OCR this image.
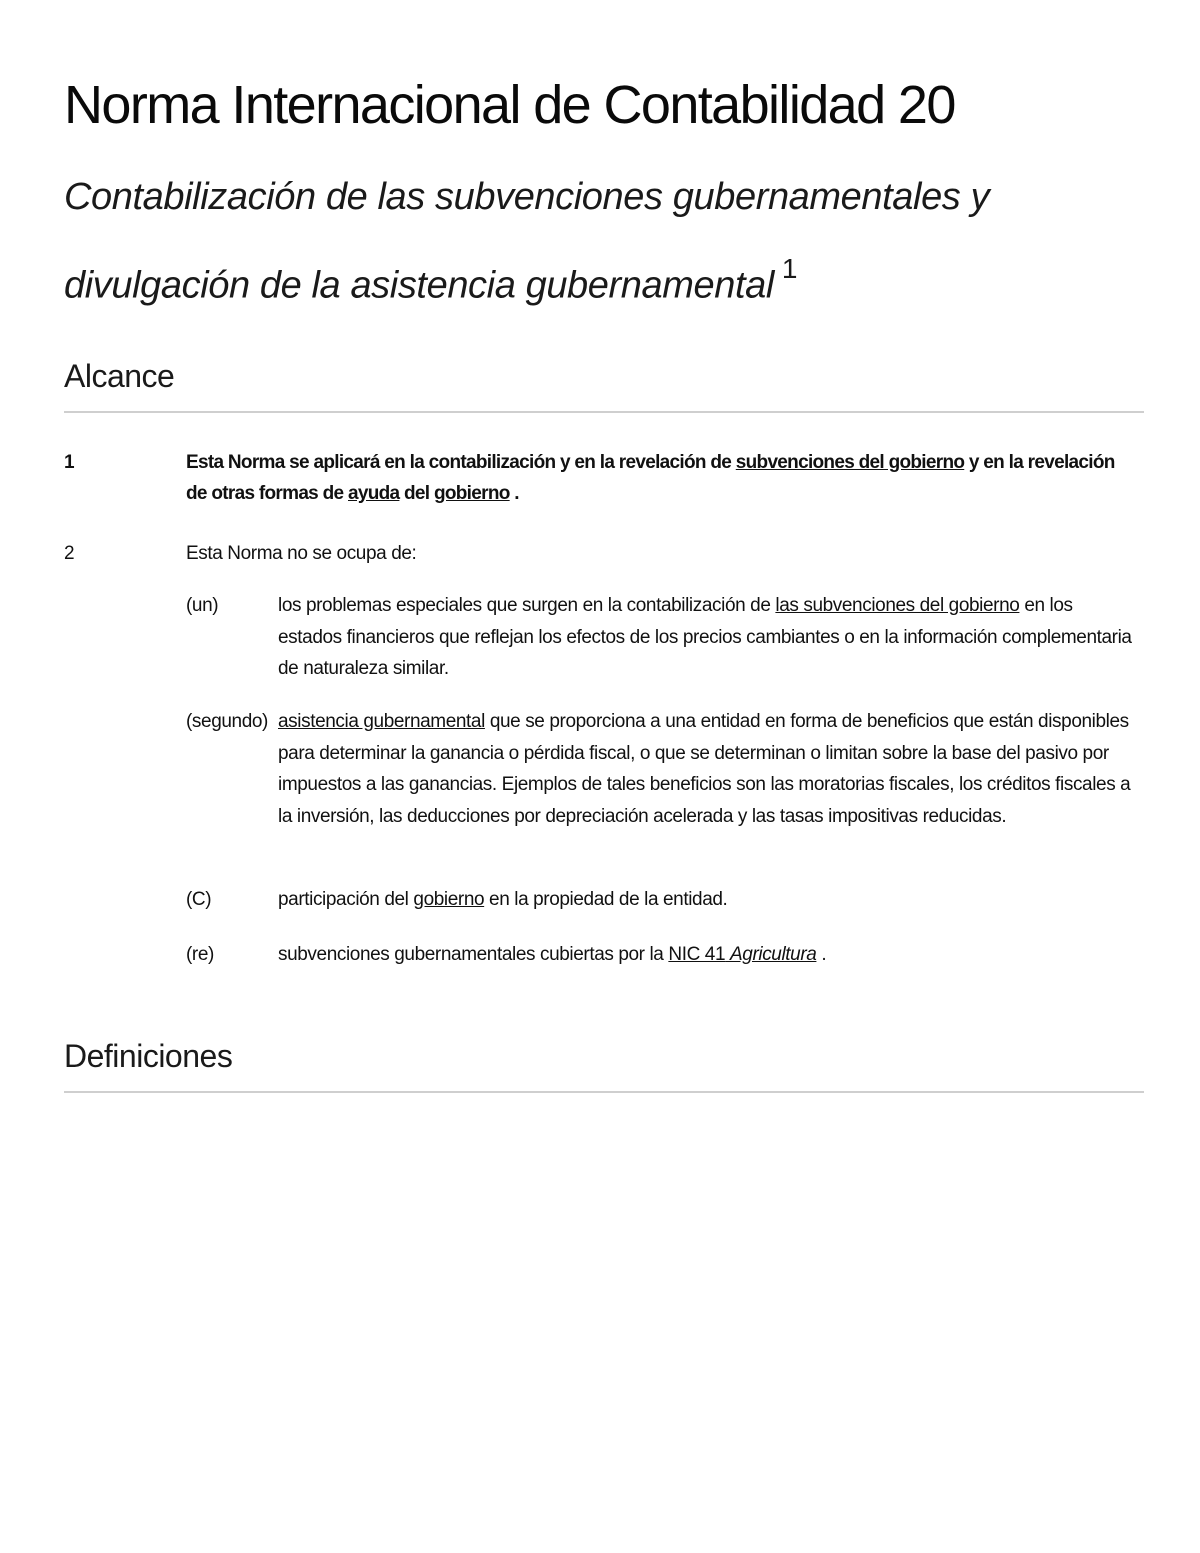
Norma Internacional de Contabilidad 20
Contabilización de las subvenciones gubernamentales y divulgación de la asistencia gubernamental $^1$
Alcance
1	Esta Norma se aplicará en la contabilización y en la revelación de subvenciones del gobierno y en la revelación de otras formas de ayuda del gobierno .
2	Esta Norma no se ocupa de:
(un)	los problemas especiales que surgen en la contabilización de las subvenciones del gobierno en los estados financieros que reflejan los efectos de los precios cambiantes o en la información complementaria de naturaleza similar.
(segundo) asistencia gubernamental que se proporciona a una entidad en forma de beneficios que están disponibles para determinar la ganancia o pérdida fiscal, o que se determinan o limitan sobre la base del pasivo por impuestos a las ganancias. Ejemplos de tales beneficios son las moratorias fiscales, los créditos fiscales a la inversión, las deducciones por depreciación acelerada y las tasas impositivas reducidas.
(C)	participación del gobierno en la propiedad de la entidad.
(re)	subvenciones gubernamentales cubiertas por la NIC 41 Agricultura .
Definiciones
